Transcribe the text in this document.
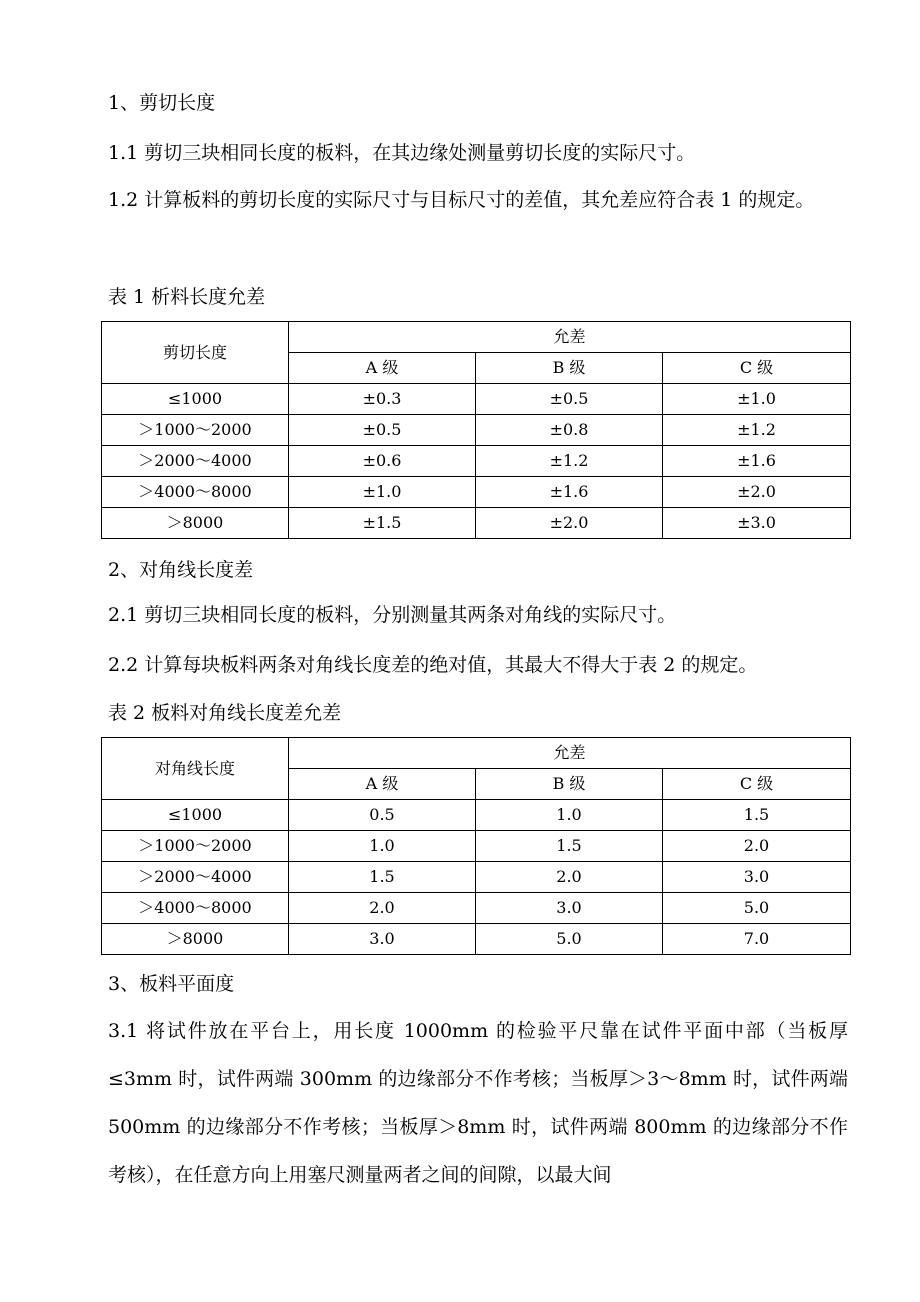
1、剪切长度
1.1 剪切三块相同长度的板料，在其边缘处测量剪切长度的实际尺寸。
1.2 计算板料的剪切长度的实际尺寸与目标尺寸的差值，其允差应符合表 1 的规定。
表 1 析料长度允差
剪切长度	允差		
	A 级	B 级	C 级
≤1000	±0.3	±0.5	±1.0
＞1000～2000	±0.5	±0.8	±1.2
＞2000～4000	±0.6	±1.2	±1.6
＞4000～8000	±1.0	±1.6	±2.0
＞8000	±1.5	±2.0	±3.0
2、对角线长度差
2.1 剪切三块相同长度的板料，分别测量其两条对角线的实际尺寸。
2.2 计算每块板料两条对角线长度差的绝对值，其最大不得大于表 2 的规定。
表 2 板料对角线长度差允差
对角线长度	允差		
	A 级	B 级	C 级
≤1000	0.5	1.0	1.5
＞1000～2000	1.0	1.5	2.0
＞2000～4000	1.5	2.0	3.0
＞4000～8000	2.0	3.0	5.0
＞8000	3.0	5.0	7.0
3、板料平面度
3.1 将试件放在平台上，用长度 1000mm 的检验平尺靠在试件平面中部（当板厚≤3mm 时，试件两端 300mm 的边缘部分不作考核；当板厚＞3～8mm 时，试件两端 500mm 的边缘部分不作考核；当板厚＞8mm 时，试件两端 800mm 的边缘部分不作考核），在任意方向上用塞尺测量两者之间的间隙，以最大间
